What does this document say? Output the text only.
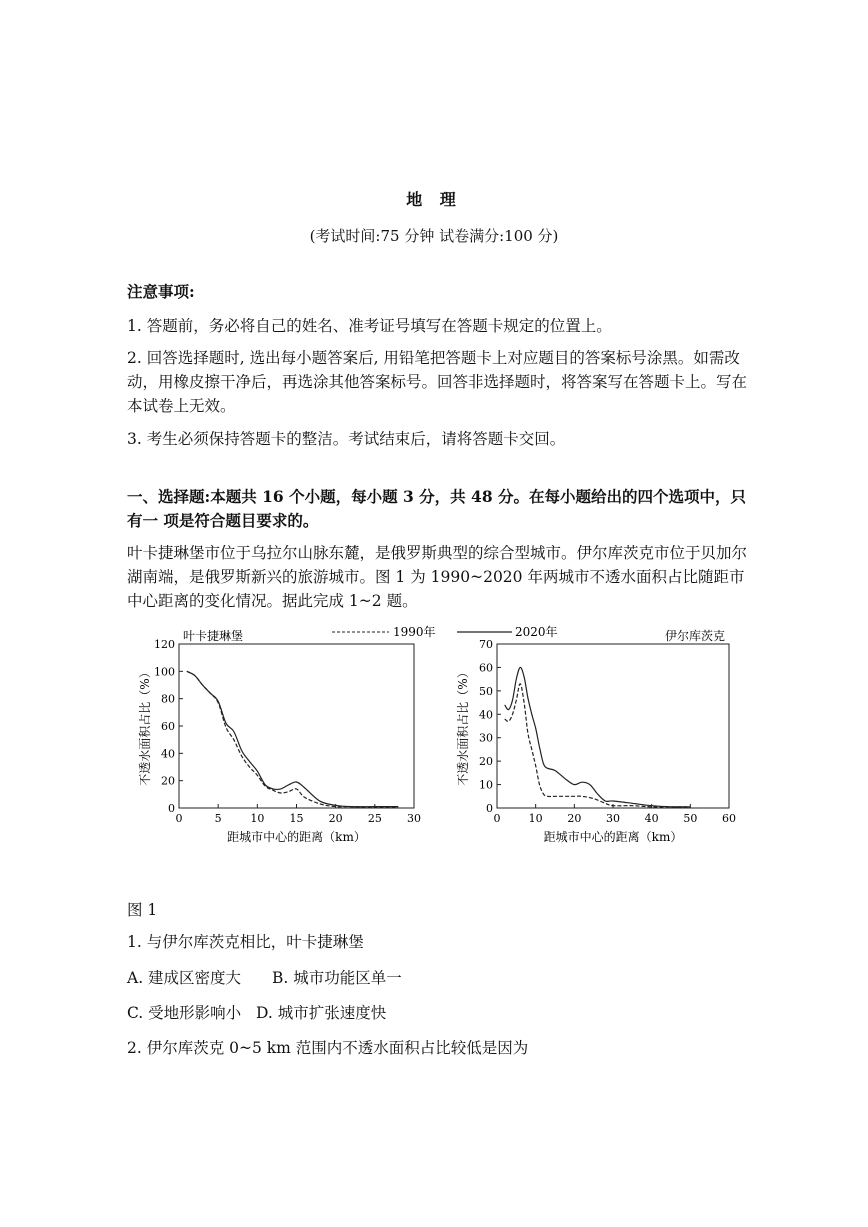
地 理
(考试时间:75 分钟 试卷满分:100 分)
注意事项:
1. 答题前，务必将自己的姓名、准考证号填写在答题卡规定的位置上。
2. 回答选择题时, 选出每小题答案后, 用铅笔把答题卡上对应题目的答案标号涂黑。如需改动，用橡皮擦干净后，再选涂其他答案标号。回答非选择题时，将答案写在答题卡上。写在本试卷上无效。
3. 考生必须保持答题卡的整洁。考试结束后，请将答题卡交回。
一、选择题:本题共 16 个小题，每小题 3 分，共 48 分。在每小题给出的四个选项中，只有一 项是符合题目要求的。
叶卡捷琳堡市位于乌拉尔山脉东麓，是俄罗斯典型的综合型城市。伊尔库茨克市位于贝加尔湖南端，是俄罗斯新兴的旅游城市。图 1 为 1990~2020 年两城市不透水面积占比随距市中心距离的变化情况。据此完成 1~2 题。
1990年	2020年
0	5	10 15 20 25 30
0
20
40
60
80
100
120
叶卡捷琳堡
距城市中心的距离（km）
不透水面积占比（%）
0	10 20 30 40 50 60
0
10
20
30
40
50
60
70
伊尔库茨克
距城市中心的距离（km）
不透水面积占比（%）
图 1
1. 与伊尔库茨克相比，叶卡捷琳堡
A. 建成区密度大 B. 城市功能区单一
C. 受地形影响小 D. 城市扩张速度快
2. 伊尔库茨克 0~5 km 范围内不透水面积占比较低是因为
